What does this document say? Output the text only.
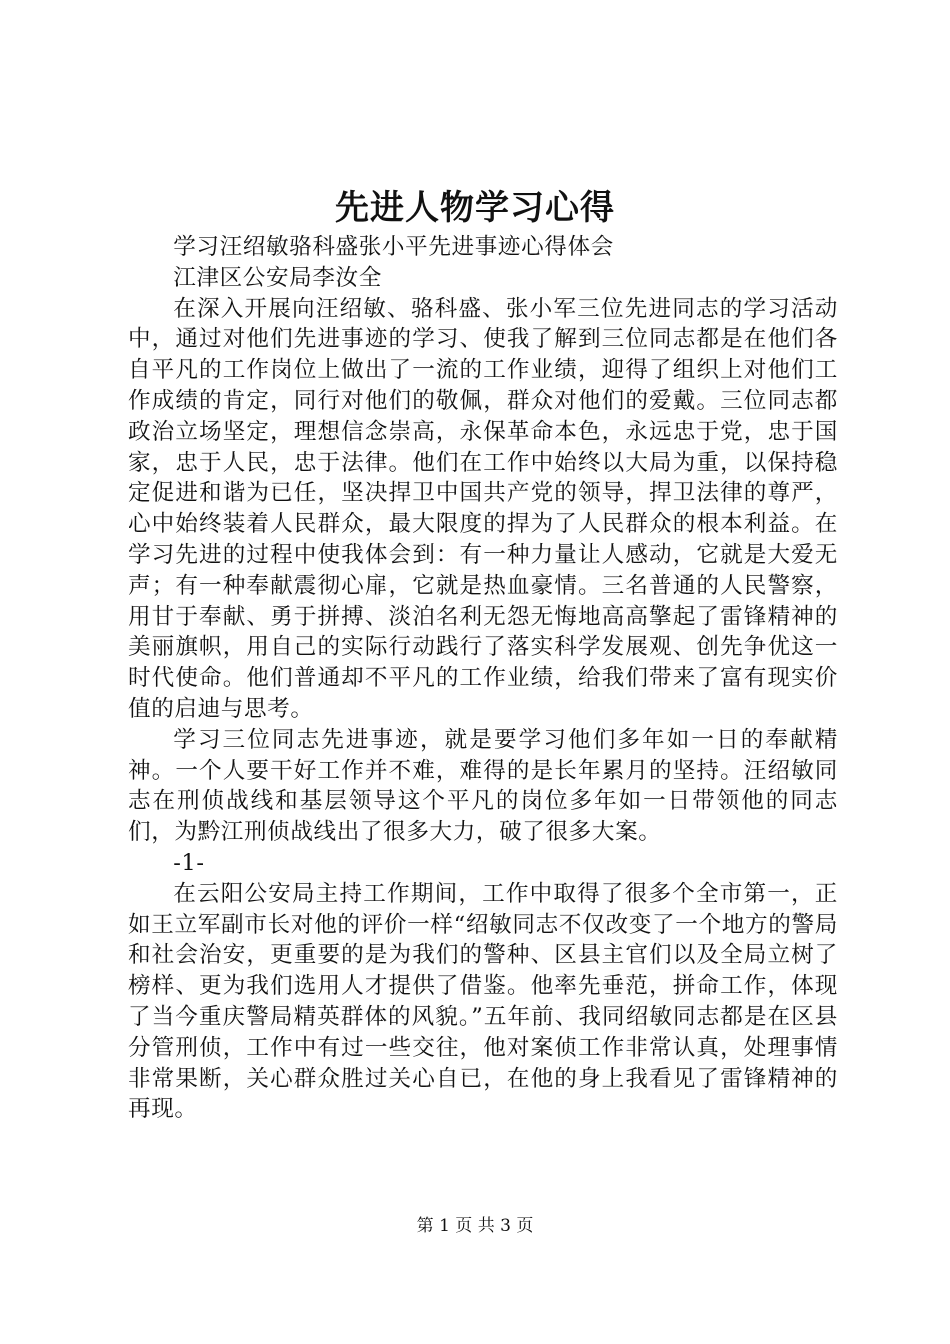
先进人物学习心得

学习汪绍敏骆科盛张小平先进事迹心得体会

江津区公安局李汝全

在深入开展向汪绍敏、骆科盛、张小军三位先进同志的学习活动中，通过对他们先进事迹的学习、使我了解到三位同志都是在他们各自平凡的工作岗位上做出了一流的工作业绩，迎得了组织上对他们工作成绩的肯定，同行对他们的敬佩，群众对他们的爱戴。三位同志都政治立场坚定，理想信念崇高，永保革命本色，永远忠于党，忠于国家，忠于人民，忠于法律。他们在工作中始终以大局为重，以保持稳定促进和谐为已任，坚决捍卫中国共产党的领导，捍卫法律的尊严，心中始终装着人民群众，最大限度的捍为了人民群众的根本利益。在学习先进的过程中使我体会到：有一种力量让人感动，它就是大爱无声；有一种奉献震彻心扉，它就是热血豪情。三名普通的人民警察，用甘于奉献、勇于拼搏、淡泊名利无怨无悔地高高擎起了雷锋精神的美丽旗帜，用自己的实际行动践行了落实科学发展观、创先争优这一时代使命。他们普通却不平凡的工作业绩，给我们带来了富有现实价值的启迪与思考。

学习三位同志先进事迹，就是要学习他们多年如一日的奉献精神。一个人要干好工作并不难，难得的是长年累月的坚持。汪绍敏同志在刑侦战线和基层领导这个平凡的岗位多年如一日带领他的同志们，为黔江刑侦战线出了很多大力，破了很多大案。

-1-

在云阳公安局主持工作期间，工作中取得了很多个全市第一，正如王立军副市长对他的评价一样“绍敏同志不仅改变了一个地方的警局和社会治安，更重要的是为我们的警种、区县主官们以及全局立树了榜样、更为我们选用人才提供了借鉴。他率先垂范，拼命工作，体现了当今重庆警局精英群体的风貌。”五年前、我同绍敏同志都是在区县分管刑侦，工作中有过一些交往，他对案侦工作非常认真，处理事情非常果断，关心群众胜过关心自已，在他的身上我看见了雷锋精神的再现。

第 1 页 共 3 页
